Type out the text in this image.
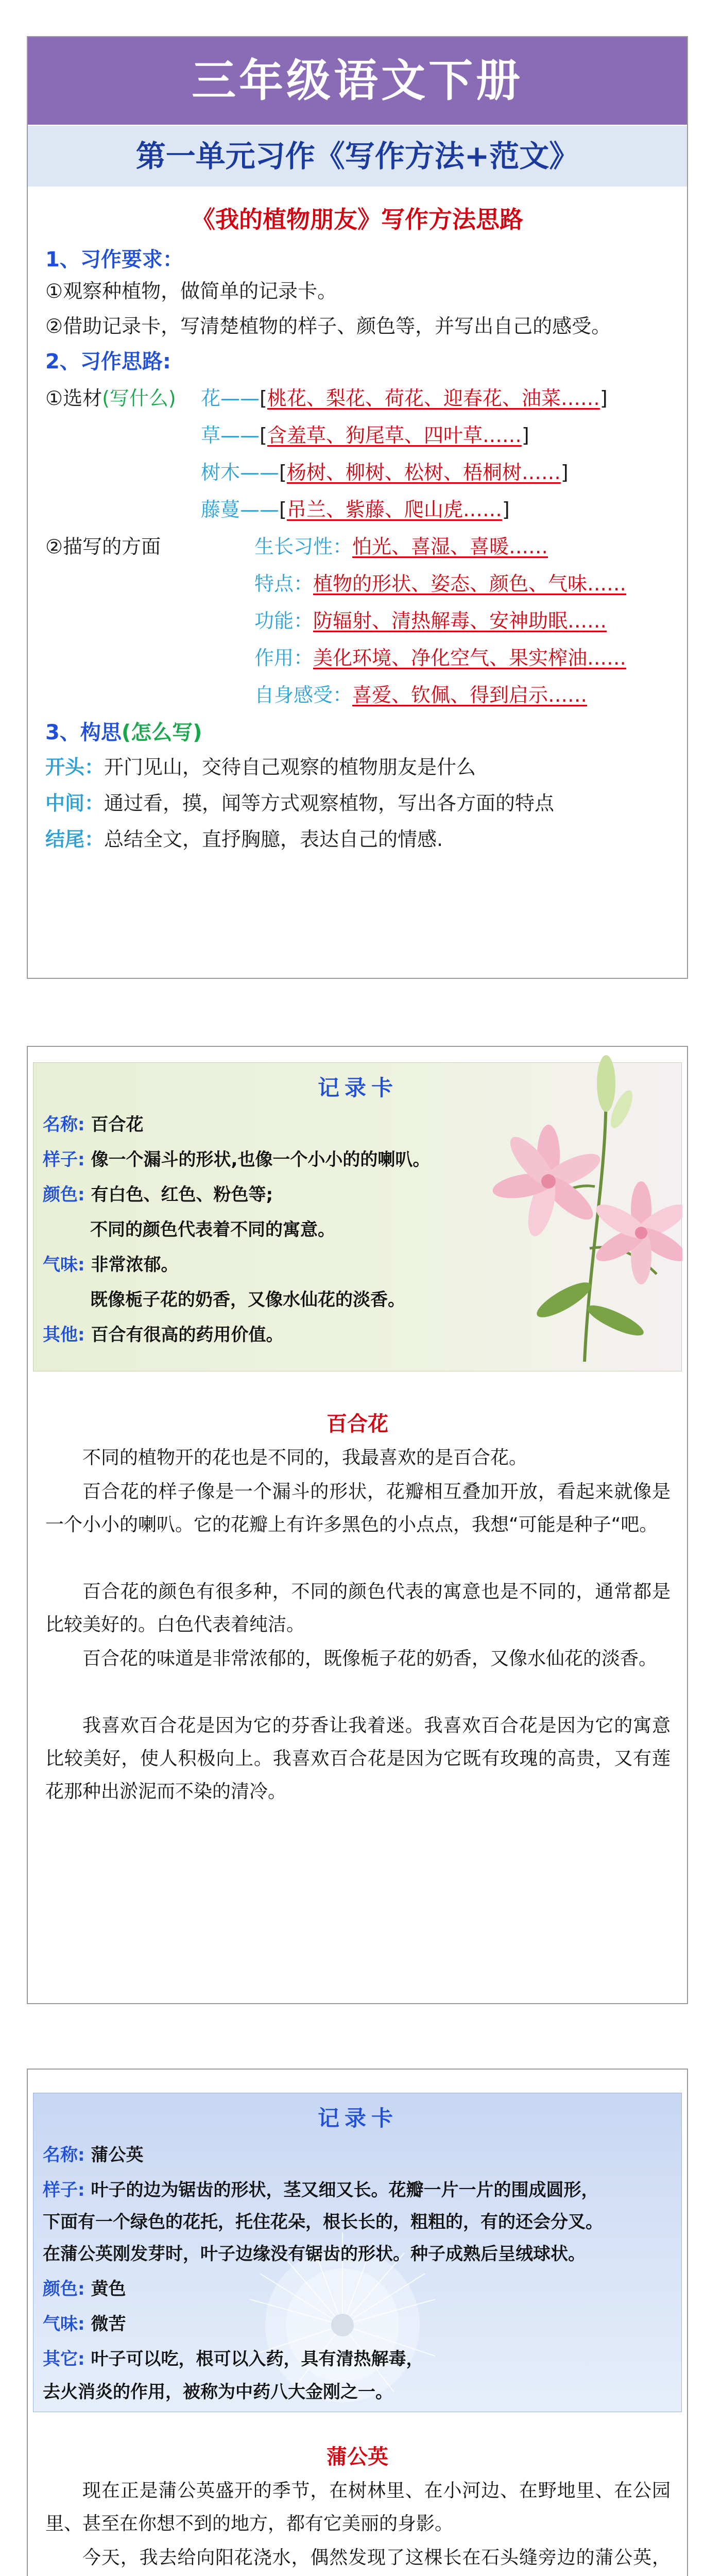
三年级语文下册
第一单元习作《写作方法+范文》
《我的植物朋友》写作方法思路
1、习作要求：
①观察种植物，做简单的记录卡。
②借助记录卡，写清楚植物的样子、颜色等，并写出自己的感受。
2、习作思路:
①选材(写什么) 花——[桃花、梨花、荷花、迎春花、油菜……]
草——[含羞草、狗尾草、四叶草……]
树木——[杨树、柳树、松树、梧桐树……]
藤蔓——[吊兰、紫藤、爬山虎……]
②描写的方面	生长习性：怕光、喜湿、喜暖……
特点：植物的形状、姿态、颜色、气味……
功能：防辐射、清热解毒、安神助眠……
作用：美化环境、净化空气、果实榨油……
自身感受：喜爱、钦佩、得到启示……
3、构思(怎么写)
开头：开门见山，交待自己观察的植物朋友是什么
中间：通过看，摸，闻等方式观察植物，写出各方面的特点
结尾：总结全文，直抒胸臆，表达自己的情感.
记录卡
名称: 百合花
样子: 像一个漏斗的形状,也像一个小小的的喇叭。
颜色: 有白色、红色、粉色等;
不同的颜色代表着不同的寓意。
气味: 非常浓郁。
既像栀子花的奶香，又像水仙花的淡香。
其他: 百合有很高的药用价值。
百合花

不同的植物开的花也是不同的，我最喜欢的是百合花。

百合花的样子像是一个漏斗的形状，花瓣相互叠加开放，看起来就像是一个小小的喇叭。它的花瓣上有许多黑色的小点点，我想“可能是种子“吧。

百合花的颜色有很多种，不同的颜色代表的寓意也是不同的，通常都是比较美好的。白色代表着纯洁。

百合花的味道是非常浓郁的，既像栀子花的奶香，又像水仙花的淡香。

我喜欢百合花是因为它的芬香让我着迷。我喜欢百合花是因为它的寓意比较美好，使人积极向上。我喜欢百合花是因为它既有玫瑰的高贵，又有莲花那种出淤泥而不染的清冷。

记录卡
名称: 蒲公英
样子: 叶子的边为锯齿的形状，茎又细又长。花瓣一片一片的围成圆形，
下面有一个绿色的花托，托住花朵，根长长的，粗粗的，有的还会分叉。
在蒲公英刚发芽时，叶子边缘没有锯齿的形状。种子成熟后呈绒球状。
颜色: 黄色
气味: 微苦
其它: 叶子可以吃，根可以入药，具有清热解毒，
去火消炎的作用，被称为中药八大金刚之一。
蒲公英

现在正是蒲公英盛开的季节，在树林里、在小河边、在野地里、在公园里、甚至在你想不到的地方，都有它美丽的身影。

今天，我去给向阳花浇水，偶然发现了这棵长在石头缝旁边的蒲公英，
